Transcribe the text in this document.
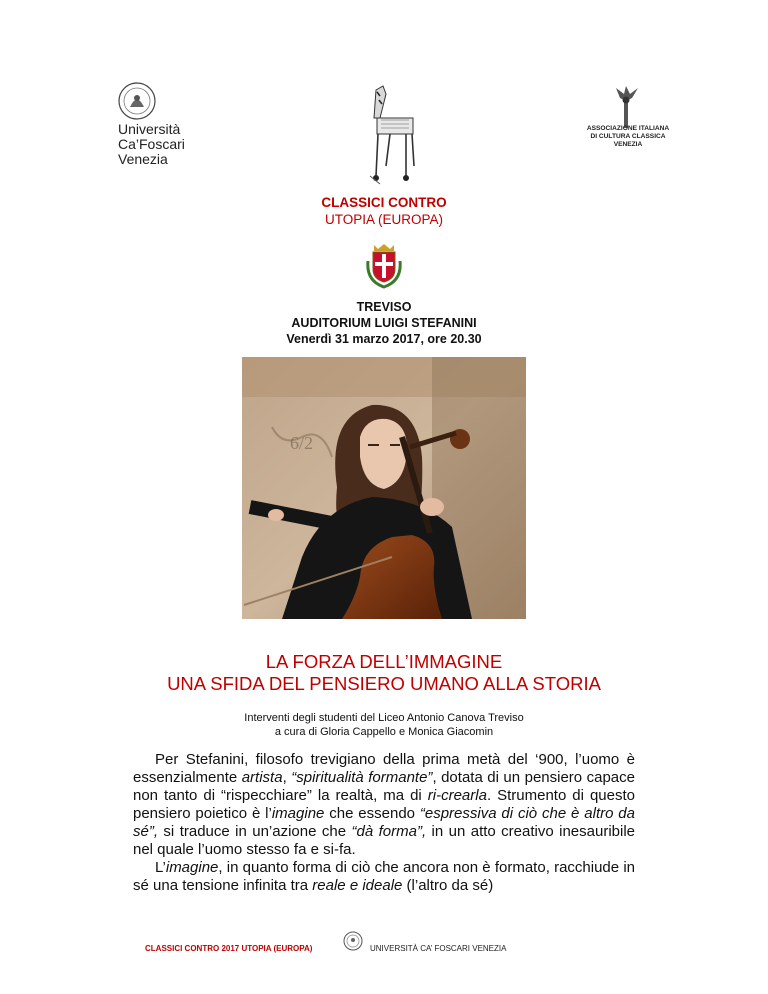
Università
Ca’Foscari
Venezia
ASSOCIAZIONE ITALIANA
DI CULTURA CLASSICA
VENEZIA
CLASSICI CONTRO
UTOPIA (EUROPA)
TREVISO
AUDITORIUM LUIGI STEFANINI
Venerdì 31 marzo 2017, ore 20.30
6/2
LA FORZA DELL’IMMAGINE
UNA SFIDA DEL PENSIERO UMANO ALLA STORIA
Interventi degli studenti del Liceo Antonio Canova Treviso
a cura di Gloria Cappello e Monica Giacomin

Per Stefanini, filosofo trevigiano della prima metà del ‘900, l’uomo è essenzialmente artista, “spiritualità formante”, dotata di un pensiero capace non tanto di “rispecchiare” la realtà, ma di ri-crearla. Strumento di questo pensiero poietico è l’imagine che essendo “espressiva di ciò che è altro da sé”, si traduce in un’azione che “dà forma”, in un atto creativo inesauribile nel quale l’uomo stesso fa e si-fa.

L’imagine, in quanto forma di ciò che ancora non è formato, racchiude in sé una tensione infinita tra reale e ideale (l’altro da sé)

CLASSICI CONTRO 2017 UTOPIA (EUROPA)	UNIVERSITÀ CA’ FOSCARI VENEZIA
